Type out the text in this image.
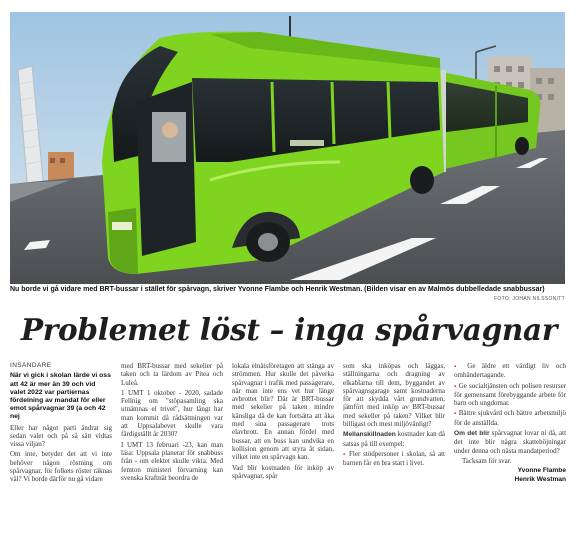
Nu borde vi gå vidare med BRT-bussar i stället för spårvagn, skriver Yvonne Flambe och Henrik Westman. (Bilden visar en av Malmös dubbelledade snabbussar)
FOTO: JOHAN NILSSON/TT
Problemet löst – inga spårvagnar

INSÄNDARE

När vi gick i skolan lärde vi oss att 42 är mer än 39 och vid valet 2022 var partiernas fördelning av mandat för eller emot spårvagnar 39 (a och 42 nej

Eller har något parti ändrat sig sedan valet och på så sätt vidtas vissa viljan?

Om inte, betyder det att vi inte behöver någon röstning om spårvagnar, för folkets röster räknas väl? Vi borde därför nu gå vidare

med BRT-bussar med sekelier på taken och ta lärdom av Pitea och Luleå.

1 UMT 1 oktober - 2020, sadade Fellnig om "stöpasamling ska utnämnas el trivet", hur långt har man kommit då rådsättningen var att Uppsalabevet skulle vara färdigställt år 2030?

I UMT 13 februari -23, kan man läsa: Uppsala planerar för snabbuss från - om elektet skulle vikta. Med femton ministeri förvarning kan svenska kraftnät beordra de

lokala elnätsföretagen att stänga av strömmen. Hur skulle det påverka spårvagnar i trafik med passagerare, när man inte ens vet hur länge avbrottet blir? Där är BRT-bussar med sekelier på taken mindre känsliga då de kan fortsätta att åka med sina passagerare trots elavbrott. En annan fördel med bussar, att en buss kan undvika en kollision genom att styra åt sidan, vilket inte en spårvagn kan.

Vad blir kostnaden för inköp av spårvagnar, spår

som ska inköpas och läggas, ställningarna och dragning av elkablarna till dem, byggandet av spårvagnsgarage samt kostnaderna för att skydda vårt grundvatten, jämfört med inköp av BRT-bussar med sekeller på taken? Vilket blir billigast och mest miljövänligt?

Mellanskillnaden kostnader kan då satsas på till exempel:

▪ Fler stödpersoner i skolan, så att barnen får en bra start i livet.

▪ Ge äldre ett värdigt liv och omhändertagande.

▪ Ge socialtjänsten och polisen resurser för gemensamt förebyggande arbete för barn och ungdomar.

▪ Bättre sjukvård och bättre arbetsmiljö för de anställda.

Om det blir spårvagnar lovar ni då, att det inte blir några skattehöjningar under denna och nästa mandatperiod?

Tacksam för svar.

Yvonne Flambe
Henrik Westman
